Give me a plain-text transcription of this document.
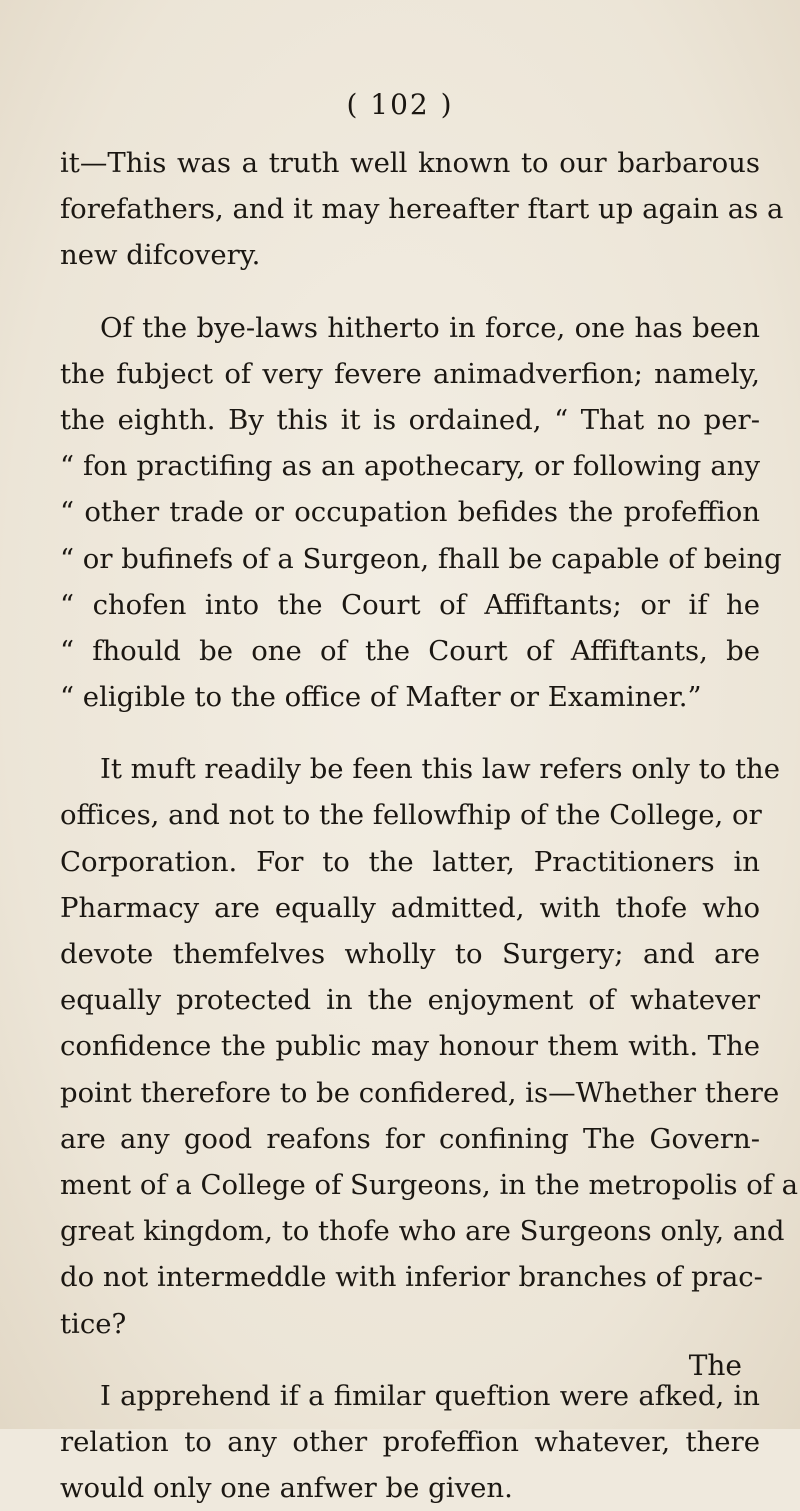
( 102 )
it—This was a truth well known to our barbarous
forefathers, and it may hereafter ftart up again as a
new difcovery.
Of the bye-laws hitherto in force, one has been
the fubject of very fevere animadverfion; namely,
the eighth. By this it is ordained, “ That no per-
“ fon practifing as an apothecary, or following any
“ other trade or occupation befides the profeffion
“ or bufinefs of a Surgeon, fhall be capable of being
“ chofen into the Court of Affiftants; or if he
“ fhould be one of the Court of Affiftants, be
“ eligible to the office of Mafter or Examiner.”
It muft readily be feen this law refers only to the
offices, and not to the fellowfhip of the College, or
Corporation. For to the latter, Practitioners in
Pharmacy are equally admitted, with thofe who
devote themfelves wholly to Surgery; and are
equally protected in the enjoyment of whatever
confidence the public may honour them with. The
point therefore to be confidered, is—Whether there
are any good reafons for confining The Govern-
ment of a College of Surgeons, in the metropolis of a
great kingdom, to thofe who are Surgeons only, and
do not intermeddle with inferior branches of prac-
tice?
I apprehend if a fimilar queftion were afked, in
relation to any other profeffion whatever, there
would only one anfwer be given.
The
